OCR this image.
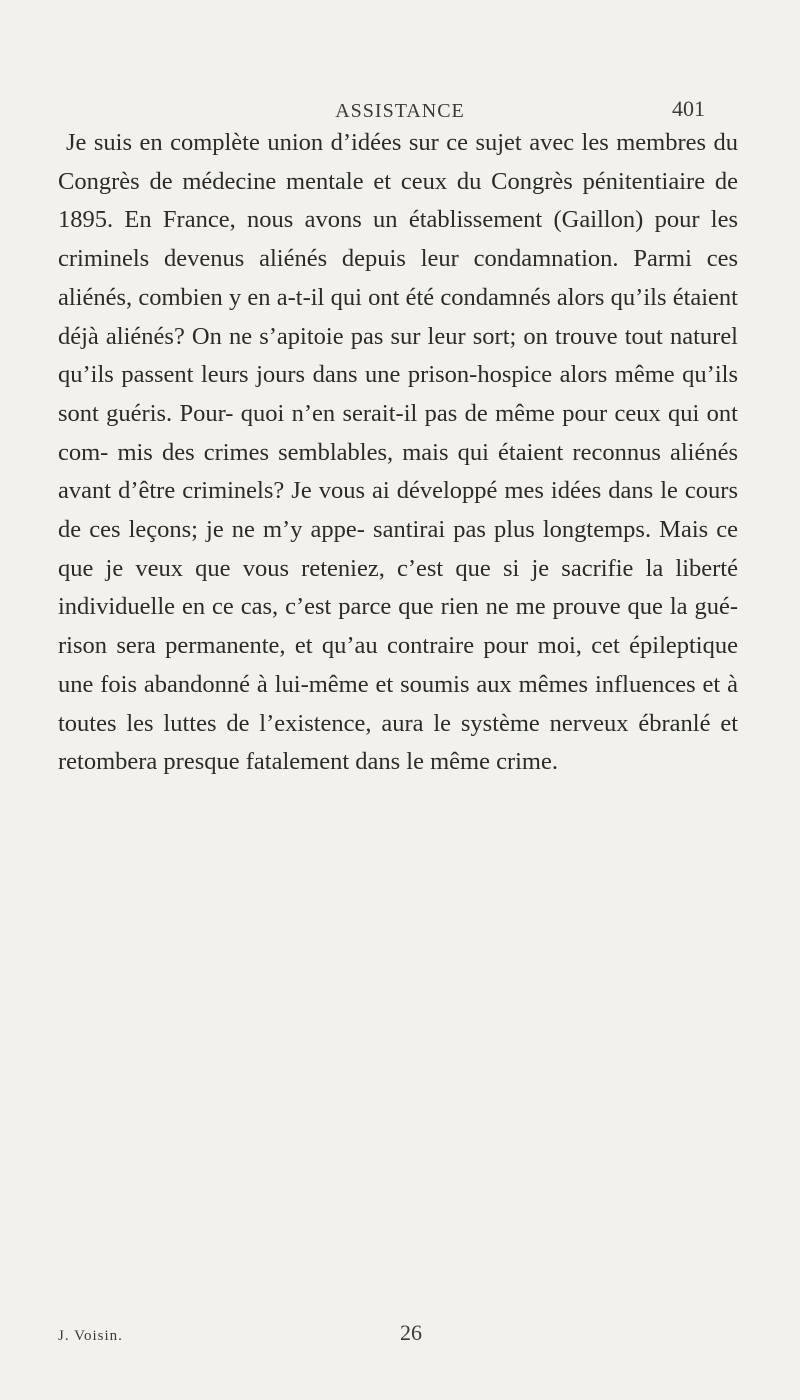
ASSISTANCE	401

Je suis en complète union d’idées sur ce sujet avec les membres du Congrès de médecine mentale et ceux du Congrès pénitentiaire de 1895. En France, nous avons un établissement (Gaillon) pour les criminels devenus aliénés depuis leur condamnation. Parmi ces aliénés, combien y en a-t-il qui ont été condamnés alors qu’ils étaient déjà aliénés? On ne s’apitoie pas sur leur sort; on trouve tout naturel qu’ils passent leurs jours dans une prison-hospice alors même qu’ils sont guéris. Pour- quoi n’en serait-il pas de même pour ceux qui ont com- mis des crimes semblables, mais qui étaient reconnus aliénés avant d’être criminels? Je vous ai développé mes idées dans le cours de ces leçons; je ne m’y appe- santirai pas plus longtemps. Mais ce que je veux que vous reteniez, c’est que si je sacrifie la liberté individuelle en ce cas, c’est parce que rien ne me prouve que la gué- rison sera permanente, et qu’au contraire pour moi, cet épileptique une fois abandonné à lui-même et soumis aux mêmes influences et à toutes les luttes de l’existence, aura le système nerveux ébranlé et retombera presque fatalement dans le même crime.

J. Voisin.	26
